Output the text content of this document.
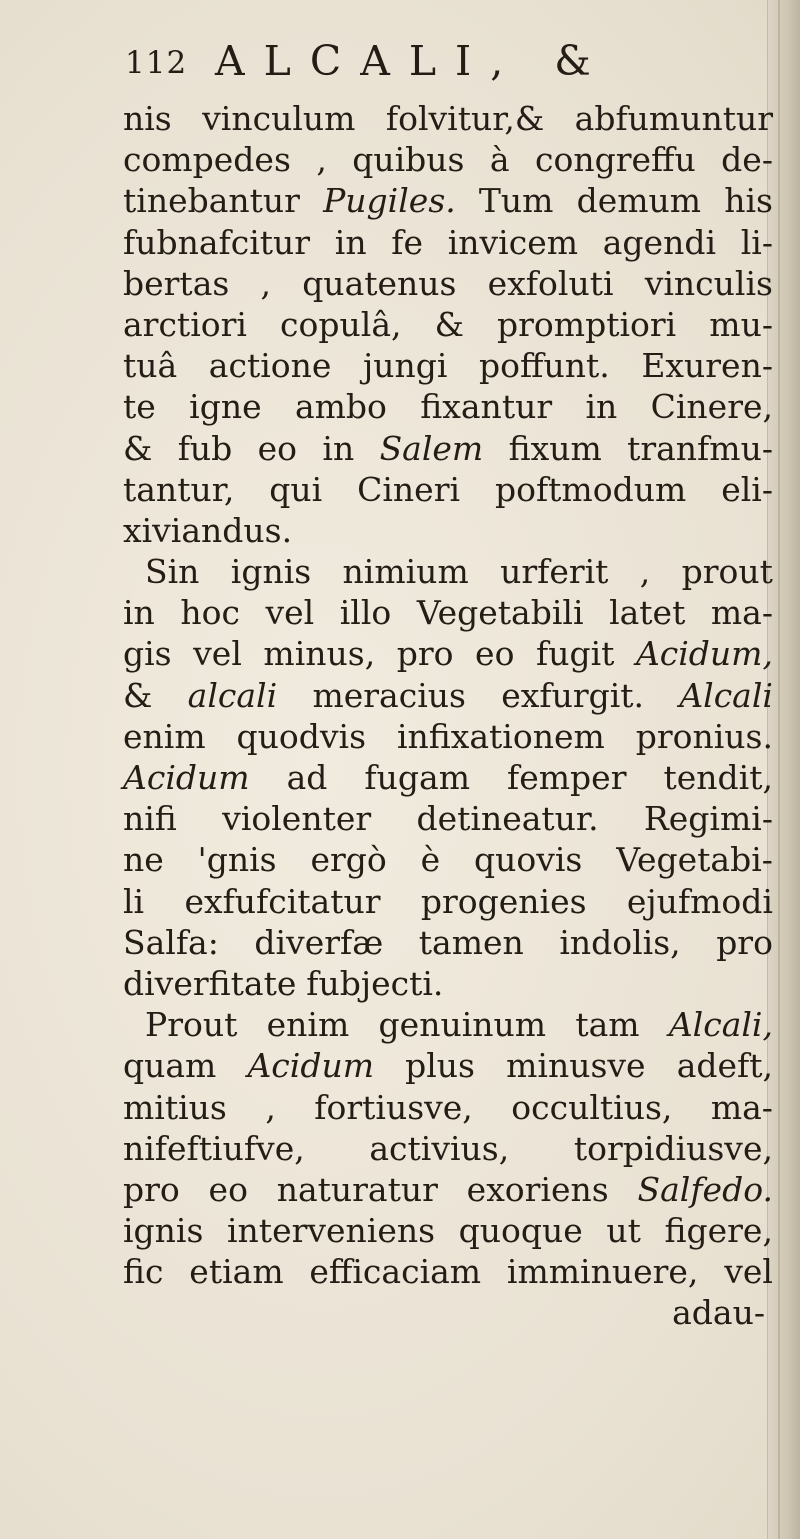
112 ALCALI, &
nis vinculum folvitur,& abfumuntur
compedes , quibus à congreffu de-
tinebantur Pugiles. Tum demum his
fubnafcitur in fe invicem agendi li-
bertas , quatenus exfoluti vinculis
arctiori copulâ, & promptiori mu-
tuâ actione jungi poffunt. Exuren-
te igne ambo fixantur in Cinere,
& fub eo in Salem fixum tranfmu-
tantur, qui Cineri poftmodum eli-
xiviandus.
Sin ignis nimium urferit , prout
in hoc vel illo Vegetabili latet ma-
gis vel minus, pro eo fugit Acidum,
& alcali meracius exfurgit. Alcali
enim quodvis infixationem pronius.
Acidum ad fugam femper tendit,
nifi violenter detineatur. Regimi-
ne 'gnis ergò è quovis Vegetabi-
li exfufcitatur progenies ejufmodi
Salfa: diverfæ tamen indolis, pro
diverfitate fubjecti.
Prout enim genuinum tam Alcali,
quam Acidum plus minusve adeft,
mitius , fortiusve, occultius, ma-
nifeftiufve, activius, torpidiusve,
pro eo naturatur exoriens Salfedo.
ignis interveniens quoque ut figere,
fic etiam efficaciam imminuere, vel
adau-
